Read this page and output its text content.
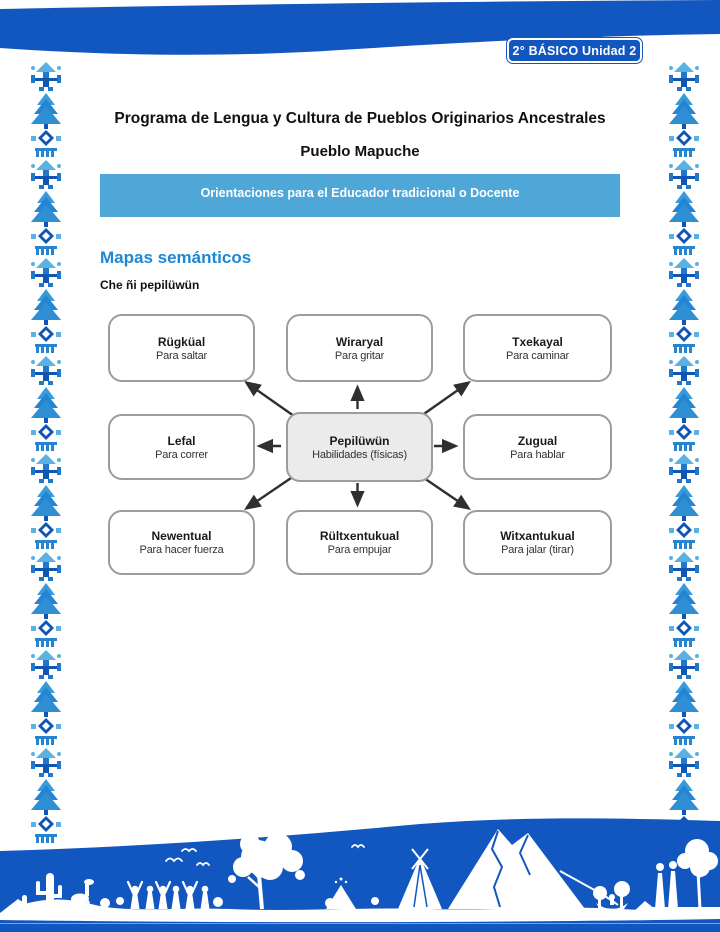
2° BÁSICO Unidad 2
Programa de Lengua y Cultura de Pueblos Originarios Ancestrales
Pueblo Mapuche
Orientaciones para el Educador tradicional o Docente
Mapas semánticos
Che ñi pepilüwün
Rügküal
Para saltar
Wiraryal
Para gritar
Txekayal
Para caminar
Lefal
Para correr
Pepilüwün
Habilidades (físicas)
Zugual
Para hablar
Newentual
Para hacer fuerza
Rültxentukual
Para empujar
Witxantukual
Para jalar (tirar)
